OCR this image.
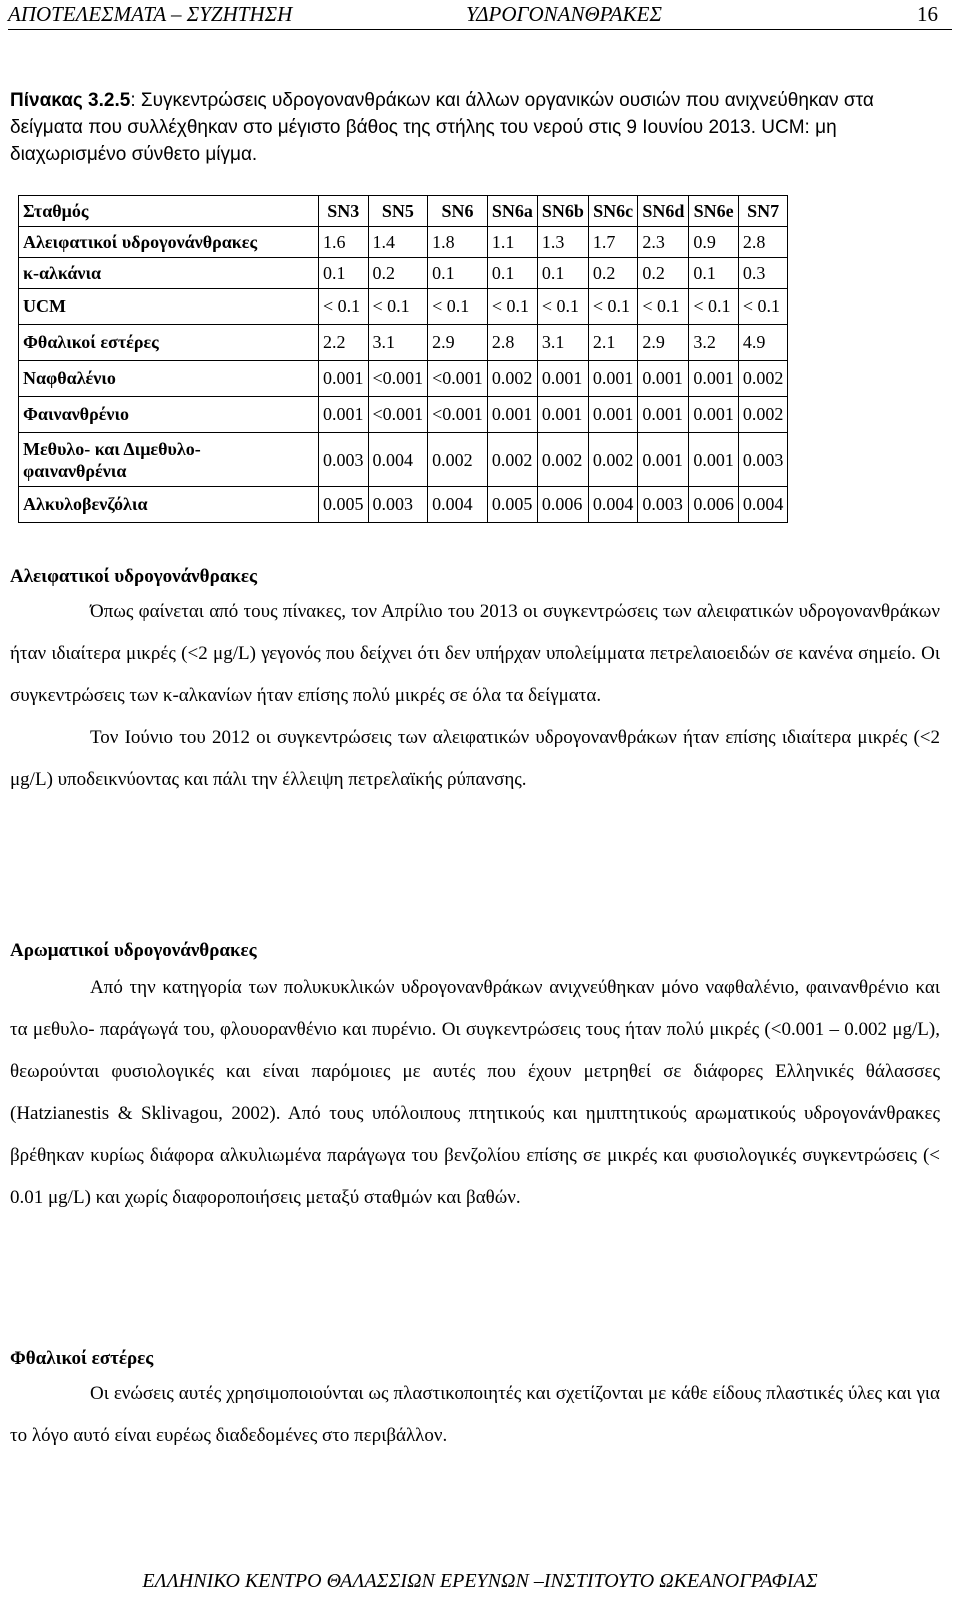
ΑΠΟΤΕΛΕΣΜΑΤΑ – ΣΥΖΗΤΗΣΗ	ΥΔΡΟΓΟΝΑΝΘΡΑΚΕΣ	16
Πίνακας 3.2.5: Συγκεντρώσεις υδρογονανθράκων και άλλων οργανικών ουσιών που ανιχνεύθηκαν στα δείγματα που συλλέχθηκαν στο μέγιστο βάθος της στήλης του νερού στις 9 Ιουνίου 2013. UCM: μη διαχωρισμένο σύνθετο μίγμα.
Σταθμός	SN3	SN5	SN6	SN6a	SN6b	SN6c	SN6d	SN6e	SN7
Αλειφατικοί υδρογονάνθρακες	1.6	1.4	1.8	1.1	1.3	1.7	2.3	0.9	2.8
κ-αλκάνια	0.1	0.2	0.1	0.1	0.1	0.2	0.2	0.1	0.3
UCM	< 0.1	< 0.1	< 0.1	< 0.1	< 0.1	< 0.1	< 0.1	< 0.1	< 0.1
Φθαλικοί εστέρες	2.2	3.1	2.9	2.8	3.1	2.1	2.9	3.2	4.9
Ναφθαλένιο	0.001	<0.001	<0.001	0.002	0.001	0.001	0.001	0.001	0.002
Φαινανθρένιο	0.001	<0.001	<0.001	0.001	0.001	0.001	0.001	0.001	0.002
Μεθυλο- και Διμεθυλο-
φαινανθρένια	0.003	0.004	0.002	0.002	0.002	0.002	0.001	0.001	0.003
Αλκυλοβενζόλια	0.005	0.003	0.004	0.005	0.006	0.004	0.003	0.006	0.004
Αλειφατικοί υδρογονάνθρακες

Όπως φαίνεται από τους πίνακες, τον Απρίλιο του 2013 οι συγκεντρώσεις των αλειφατικών υδρογονανθράκων ήταν ιδιαίτερα μικρές (<2 μg/L) γεγονός που δείχνει ότι δεν υπήρχαν υπολείμματα πετρελαιοειδών σε κανένα σημείο. Οι συγκεντρώσεις των κ-αλκανίων ήταν επίσης πολύ μικρές σε όλα τα δείγματα.

Τον Ιούνιο του 2012 οι συγκεντρώσεις των αλειφατικών υδρογονανθράκων ήταν επίσης ιδιαίτερα μικρές (<2 μg/L) υποδεικνύοντας και πάλι την έλλειψη πετρελαϊκής ρύπανσης.

Αρωματικοί υδρογονάνθρακες

Από την κατηγορία των πολυκυκλικών υδρογονανθράκων ανιχνεύθηκαν μόνο ναφθαλένιο, φαινανθρένιο και τα μεθυλο- παράγωγά του, φλουορανθένιο και πυρένιο. Οι συγκεντρώσεις τους ήταν πολύ μικρές (<0.001 – 0.002 μg/L), θεωρούνται φυσιολογικές και είναι παρόμοιες με αυτές που έχουν μετρηθεί σε διάφορες Ελληνικές θάλασσες (Hatzianestis & Sklivagou, 2002). Από τους υπόλοιπους πτητικούς και ημιπτητικούς αρωματικούς υδρογονάνθρακες βρέθηκαν κυρίως διάφορα αλκυλιωμένα παράγωγα του βενζολίου επίσης σε μικρές και φυσιολογικές συγκεντρώσεις (< 0.01 μg/L) και χωρίς διαφοροποιήσεις μεταξύ σταθμών και βαθών.

Φθαλικοί εστέρες

Οι ενώσεις αυτές χρησιμοποιούνται ως πλαστικοποιητές και σχετίζονται με κάθε είδους πλαστικές ύλες και για το λόγο αυτό είναι ευρέως διαδεδομένες στο περιβάλλον.

ΕΛΛΗΝΙΚΟ ΚΕΝΤΡΟ ΘΑΛΑΣΣΙΩΝ ΕΡΕΥΝΩΝ –ΙΝΣΤΙΤΟΥΤΟ ΩΚΕΑΝΟΓΡΑΦΙΑΣ
